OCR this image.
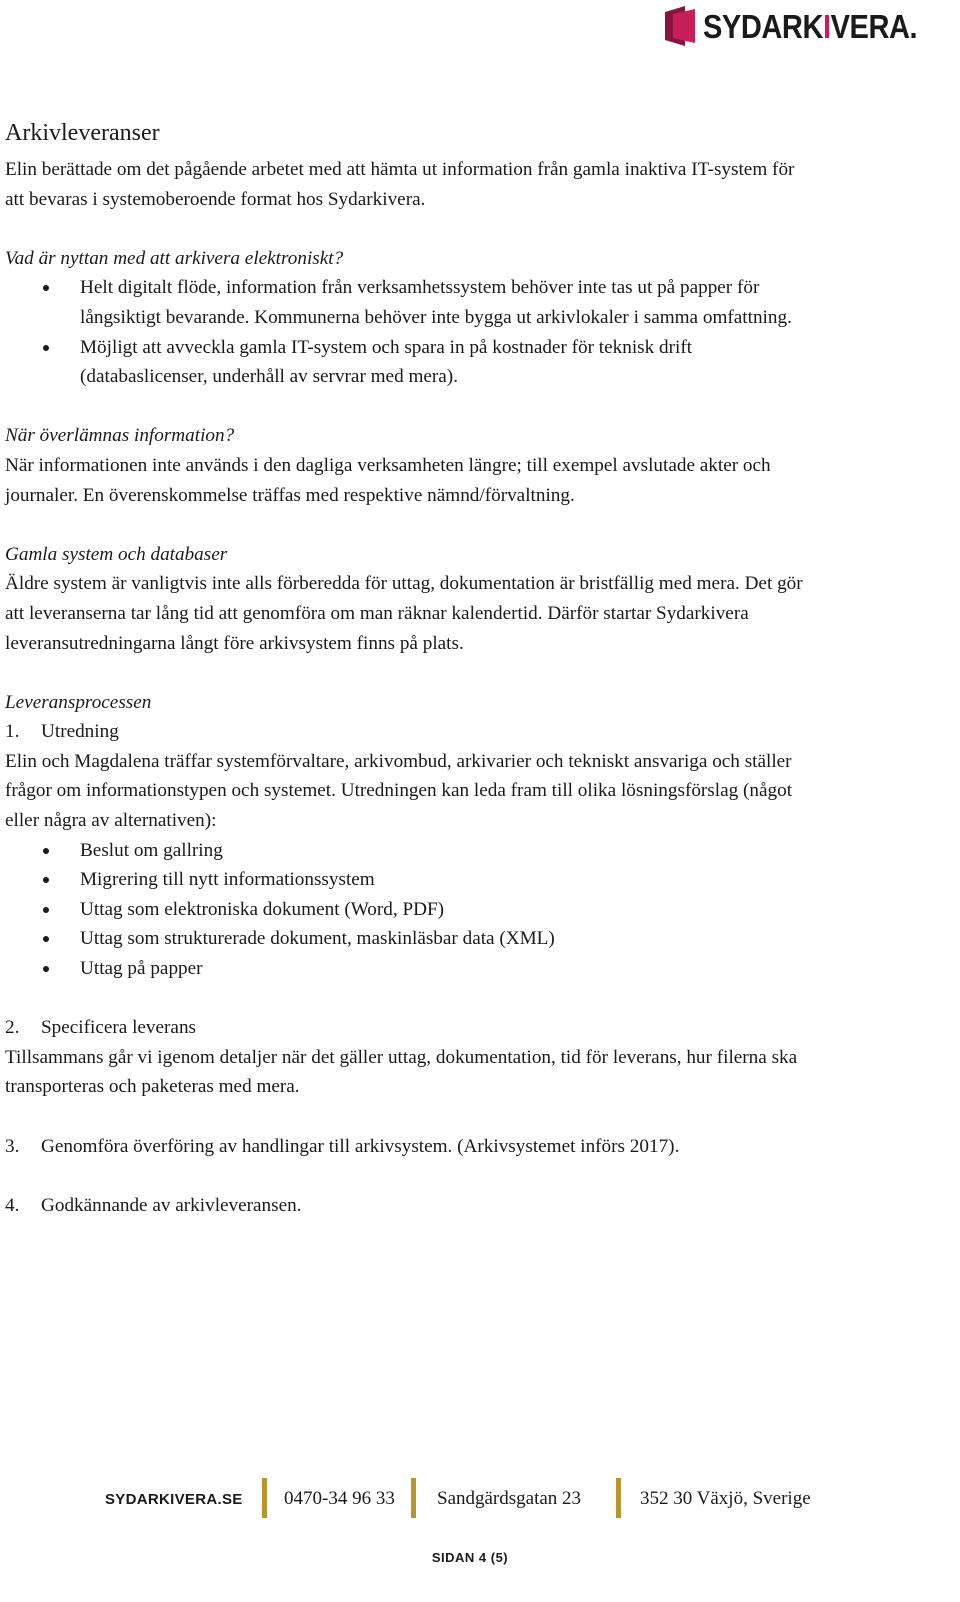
SYDARKIVERA.
Arkivleveranser

Elin berättade om det pågående arbetet med att hämta ut information från gamla inaktiva IT-system för att bevaras i systemoberoende format hos Sydarkivera.

Vad är nyttan med att arkivera elektroniskt?

Helt digitalt flöde, information från verksamhetssystem behöver inte tas ut på papper för långsiktigt bevarande. Kommunerna behöver inte bygga ut arkivlokaler i samma omfattning.
Möjligt att avveckla gamla IT-system och spara in på kostnader för teknisk drift (databaslicenser, underhåll av servrar med mera).

När överlämnas information?

När informationen inte används i den dagliga verksamheten längre; till exempel avslutade akter och journaler. En överenskommelse träffas med respektive nämnd/förvaltning.

Gamla system och databaser

Äldre system är vanligtvis inte alls förberedda för uttag, dokumentation är bristfällig med mera. Det gör att leveranserna tar lång tid att genomföra om man räknar kalendertid. Därför startar Sydarkivera leveransutredningarna långt före arkivsystem finns på plats.

Leveransprocessen

1.	Utredning

Elin och Magdalena träffar systemförvaltare, arkivombud, arkivarier och tekniskt ansvariga och ställer frågor om informationstypen och systemet. Utredningen kan leda fram till olika lösningsförslag (något eller några av alternativen):

Beslut om gallring
Migrering till nytt informationssystem
Uttag som elektroniska dokument (Word, PDF)
Uttag som strukturerade dokument, maskinläsbar data (XML)
Uttag på papper
2.	Specificera leverans

Tillsammans går vi igenom detaljer när det gäller uttag, dokumentation, tid för leverans, hur filerna ska transporteras och paketeras med mera.

3.	Genomföra överföring av handlingar till arkivsystem. (Arkivsystemet införs 2017).
4.	Godkännande av arkivleveransen.
SYDARKIVERA.SE 0470-34 96 33 Sandgärdsgatan 23	352 30 Växjö, Sverige
SIDAN 4 (5)
